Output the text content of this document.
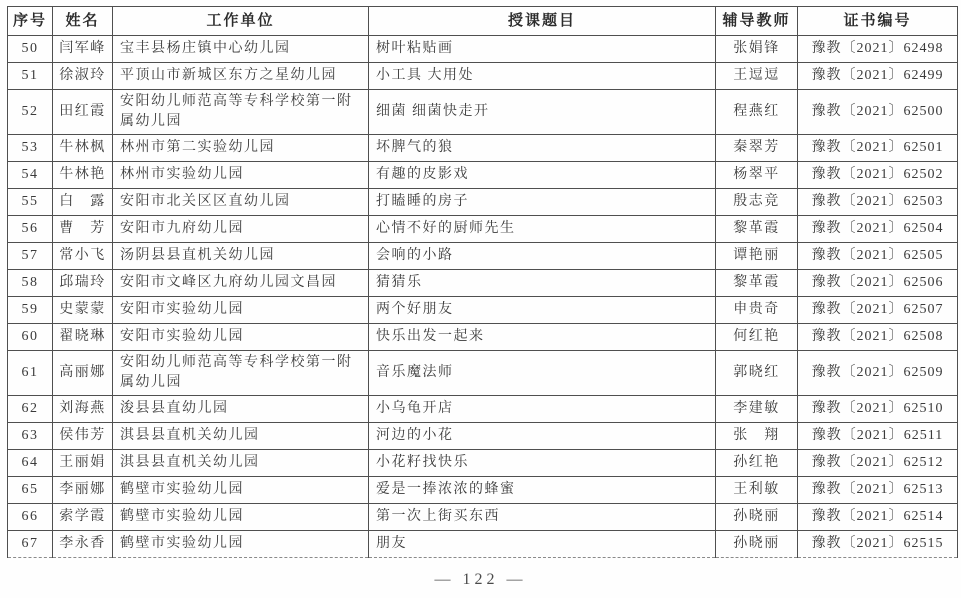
序号	姓名	工作单位	授课题目	辅导教师	证书编号
50	闫军峰	宝丰县杨庄镇中心幼儿园	树叶粘贴画	张娟锋	豫教〔2021〕62498
51	徐淑玲	平顶山市新城区东方之星幼儿园	小工具 大用处	王逗逗	豫教〔2021〕62499
52	田红霞	安阳幼儿师范高等专科学校第一附属幼儿园	细菌 细菌快走开	程燕红	豫教〔2021〕62500
53	牛林枫	林州市第二实验幼儿园	坏脾气的狼	秦翠芳	豫教〔2021〕62501
54	牛林艳	林州市实验幼儿园	有趣的皮影戏	杨翠平	豫教〔2021〕62502
55	白　露	安阳市北关区区直幼儿园	打瞌睡的房子	殷志竞	豫教〔2021〕62503
56	曹　芳	安阳市九府幼儿园	心情不好的厨师先生	黎革霞	豫教〔2021〕62504
57	常小飞	汤阴县县直机关幼儿园	会响的小路	谭艳丽	豫教〔2021〕62505
58	邱瑞玲	安阳市文峰区九府幼儿园文昌园	猜猜乐	黎革霞	豫教〔2021〕62506
59	史蒙蒙	安阳市实验幼儿园	两个好朋友	申贵奇	豫教〔2021〕62507
60	翟晓琳	安阳市实验幼儿园	快乐出发一起来	何红艳	豫教〔2021〕62508
61	高丽娜	安阳幼儿师范高等专科学校第一附属幼儿园	音乐魔法师	郭晓红	豫教〔2021〕62509
62	刘海燕	浚县县直幼儿园	小乌龟开店	李建敏	豫教〔2021〕62510
63	侯伟芳	淇县县直机关幼儿园	河边的小花	张　翔	豫教〔2021〕62511
64	王丽娟	淇县县直机关幼儿园	小花籽找快乐	孙红艳	豫教〔2021〕62512
65	李丽娜	鹤壁市实验幼儿园	爱是一捧浓浓的蜂蜜	王利敏	豫教〔2021〕62513
66	索学霞	鹤壁市实验幼儿园	第一次上街买东西	孙晓丽	豫教〔2021〕62514
67	李永香	鹤壁市实验幼儿园	朋友	孙晓丽	豫教〔2021〕62515
— 122 —
